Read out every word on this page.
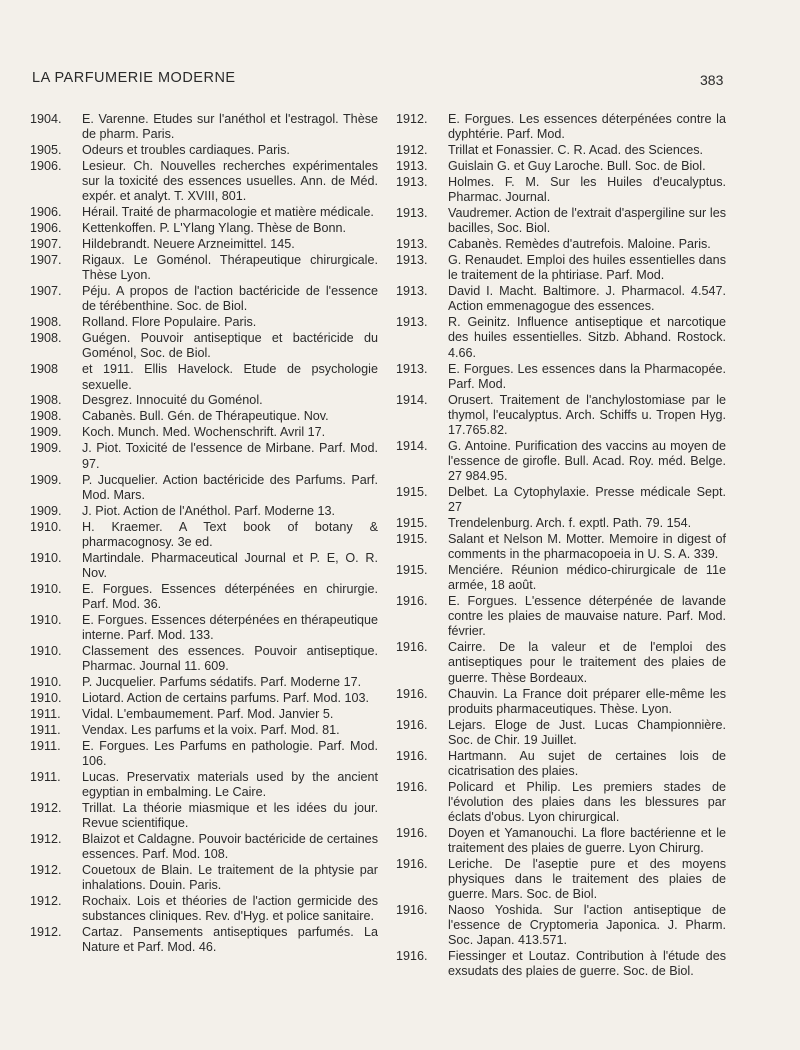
LA PARFUMERIE MODERNE	383
1904.	E. Varenne. Etudes sur l'anéthol et l'estragol. Thèse de pharm. Paris.
1905.	Odeurs et troubles cardiaques. Paris.
1906.	Lesieur. Ch. Nouvelles recherches expérimentales sur la toxicité des essences usuelles. Ann. de Méd. expér. et analyt. T. XVIII, 801.
1906.	Hérail. Traité de pharmacologie et matière médicale.
1906.	Kettenkoffen. P. L'Ylang Ylang. Thèse de Bonn.
1907.	Hildebrandt. Neuere Arzneimittel. 145.
1907.	Rigaux. Le Goménol. Thérapeutique chirurgicale. Thèse Lyon.
1907.	Péju. A propos de l'action bactéricide de l'essence de térébenthine. Soc. de Biol.
1908.	Rolland. Flore Populaire. Paris.
1908.	Guégen. Pouvoir antiseptique et bactéricide du Goménol, Soc. de Biol.
1908	et 1911. Ellis Havelock. Etude de psychologie sexuelle.
1908.	Desgrez. Innocuité du Goménol.
1908.	Cabanès. Bull. Gén. de Thérapeutique. Nov.
1909.	Koch. Munch. Med. Wochenschrift. Avril 17.
1909.	J. Piot. Toxicité de l'essence de Mirbane. Parf. Mod. 97.
1909.	P. Jucquelier. Action bactéricide des Parfums. Parf. Mod. Mars.
1909.	J. Piot. Action de l'Anéthol. Parf. Moderne 13.
1910.	H. Kraemer. A Text book of botany & pharmacognosy. 3e ed.
1910.	Martindale. Pharmaceutical Journal et P. E, O. R. Nov.
1910.	E. Forgues. Essences déterpénées en chirurgie. Parf. Mod. 36.
1910.	E. Forgues. Essences déterpénées en thérapeutique interne. Parf. Mod. 133.
1910.	Classement des essences. Pouvoir antiseptique. Pharmac. Journal 11. 609.
1910.	P. Jucquelier. Parfums sédatifs. Parf. Moderne 17.
1910.	Liotard. Action de certains parfums. Parf. Mod. 103.
1911.	Vidal. L'embaumement. Parf. Mod. Janvier 5.
1911.	Vendax. Les parfums et la voix. Parf. Mod. 81.
1911.	E. Forgues. Les Parfums en pathologie. Parf. Mod. 106.
1911.	Lucas. Preservatix materials used by the ancient egyptian in embalming. Le Caire.
1912.	Trillat. La théorie miasmique et les idées du jour. Revue scientifique.
1912.	Blaizot et Caldagne. Pouvoir bactéricide de certaines essences. Parf. Mod. 108.
1912.	Couetoux de Blain. Le traitement de la phtysie par inhalations. Douin. Paris.
1912.	Rochaix. Lois et théories de l'action germicide des substances cliniques. Rev. d'Hyg. et police sanitaire.
1912.	Cartaz. Pansements antiseptiques parfumés. La Nature et Parf. Mod. 46.
1912.	E. Forgues. Les essences déterpénées contre la dyphtérie. Parf. Mod.
1912.	Trillat et Fonassier. C. R. Acad. des Sciences.
1913.	Guislain G. et Guy Laroche. Bull. Soc. de Biol.
1913.	Holmes. F. M. Sur les Huiles d'eucalyptus. Pharmac. Journal.
1913.	Vaudremer. Action de l'extrait d'aspergiline sur les bacilles, Soc. Biol.
1913.	Cabanès. Remèdes d'autrefois. Maloine. Paris.
1913.	G. Renaudet. Emploi des huiles essentielles dans le traitement de la phtiriase. Parf. Mod.
1913.	David I. Macht. Baltimore. J. Pharmacol. 4.547. Action emmenagogue des essences.
1913.	R. Geinitz. Influence antiseptique et narcotique des huiles essentielles. Sitzb. Abhand. Rostock. 4.66.
1913.	E. Forgues. Les essences dans la Pharmacopée. Parf. Mod.
1914.	Orusert. Traitement de l'anchylostomiase par le thymol, l'eucalyptus. Arch. Schiffs u. Tropen Hyg. 17.765.82.
1914.	G. Antoine. Purification des vaccins au moyen de l'essence de girofle. Bull. Acad. Roy. méd. Belge. 27 984.95.
1915.	Delbet. La Cytophylaxie. Presse médicale Sept. 27
1915.	Trendelenburg. Arch. f. exptl. Path. 79. 154.
1915.	Salant et Nelson M. Motter. Memoire in digest of comments in the pharmacopoeia in U. S. A. 339.
1915.	Menciére. Réunion médico-chirurgicale de 11e armée, 18 août.
1916.	E. Forgues. L'essence déterpénée de lavande contre les plaies de mauvaise nature. Parf. Mod. février.
1916.	Cairre. De la valeur et de l'emploi des antiseptiques pour le traitement des plaies de guerre. Thèse Bordeaux.
1916.	Chauvin. La France doit préparer elle-même les produits pharmaceutiques. Thèse. Lyon.
1916.	Lejars. Eloge de Just. Lucas Championnière. Soc. de Chir. 19 Juillet.
1916.	Hartmann. Au sujet de certaines lois de cicatrisation des plaies.
1916.	Policard et Philip. Les premiers stades de l'évolution des plaies dans les blessures par éclats d'obus. Lyon chirurgical.
1916.	Doyen et Yamanouchi. La flore bactérienne et le traitement des plaies de guerre. Lyon Chirurg.
1916.	Leriche. De l'aseptie pure et des moyens physiques dans le traitement des plaies de guerre. Mars. Soc. de Biol.
1916.	Naoso Yoshida. Sur l'action antiseptique de l'essence de Cryptomeria Japonica. J. Pharm. Soc. Japan. 413.571.
1916.	Fiessinger et Loutaz. Contribution à l'étude des exsudats des plaies de guerre. Soc. de Biol.
